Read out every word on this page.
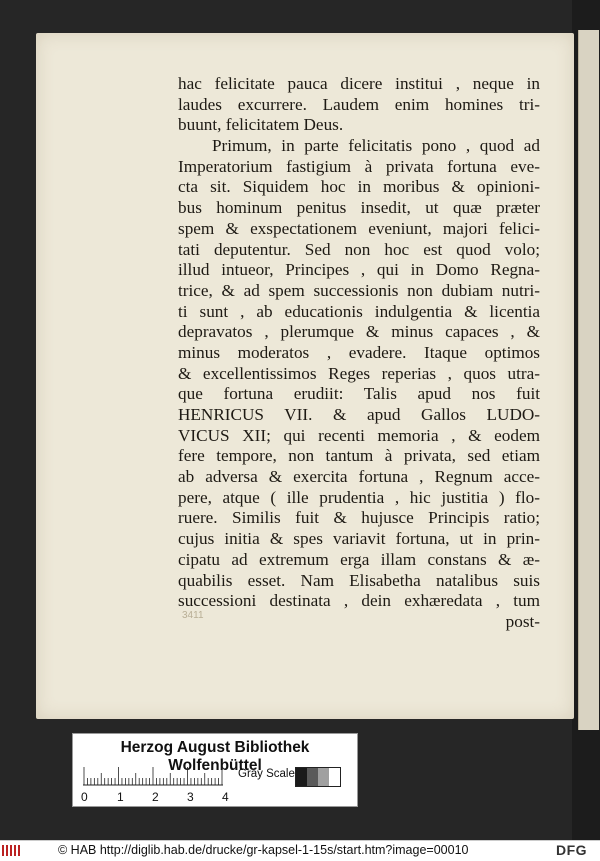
hac felicitate pauca dicere institui , neque in
laudes excurrere. Laudem enim homines tri-
buunt, felicitatem Deus.
Primum, in parte felicitatis pono , quod ad
Imperatorium fastigium à privata fortuna eve-
cta sit. Siquidem hoc in moribus & opinioni-
bus hominum penitus insedit, ut quæ præter
spem & exspectationem eveniunt, majori felici-
tati deputentur. Sed non hoc est quod volo;
illud intueor, Principes , qui in Domo Regna-
trice, & ad spem successionis non dubiam nutri-
ti sunt , ab educationis indulgentia & licentia
depravatos , plerumque & minus capaces , &
minus moderatos , evadere. Itaque optimos
& excellentissimos Reges reperias , quos utra-
que fortuna erudiit: Talis apud nos fuit
HENRICUS VII. & apud Gallos LUDO-
VICUS XII; qui recenti memoria , & eodem
fere tempore, non tantum à privata, sed etiam
ab adversa & exercita fortuna , Regnum acce-
pere, atque ( ille prudentia , hic justitia ) flo-
ruere. Similis fuit & hujusce Principis ratio;
cujus initia & spes variavit fortuna, ut in prin-
cipatu ad extremum erga illam constans & æ-
quabilis esset. Nam Elisabetha natalibus suis
successioni destinata , dein exhæredata , tum
post-
3411
Herzog August Bibliothek Wolfenbüttel
0 1 2 3 4
Gray Scale
© HAB http://diglib.hab.de/drucke/gr-kapsel-1-15s/start.htm?image=00010	DFG
